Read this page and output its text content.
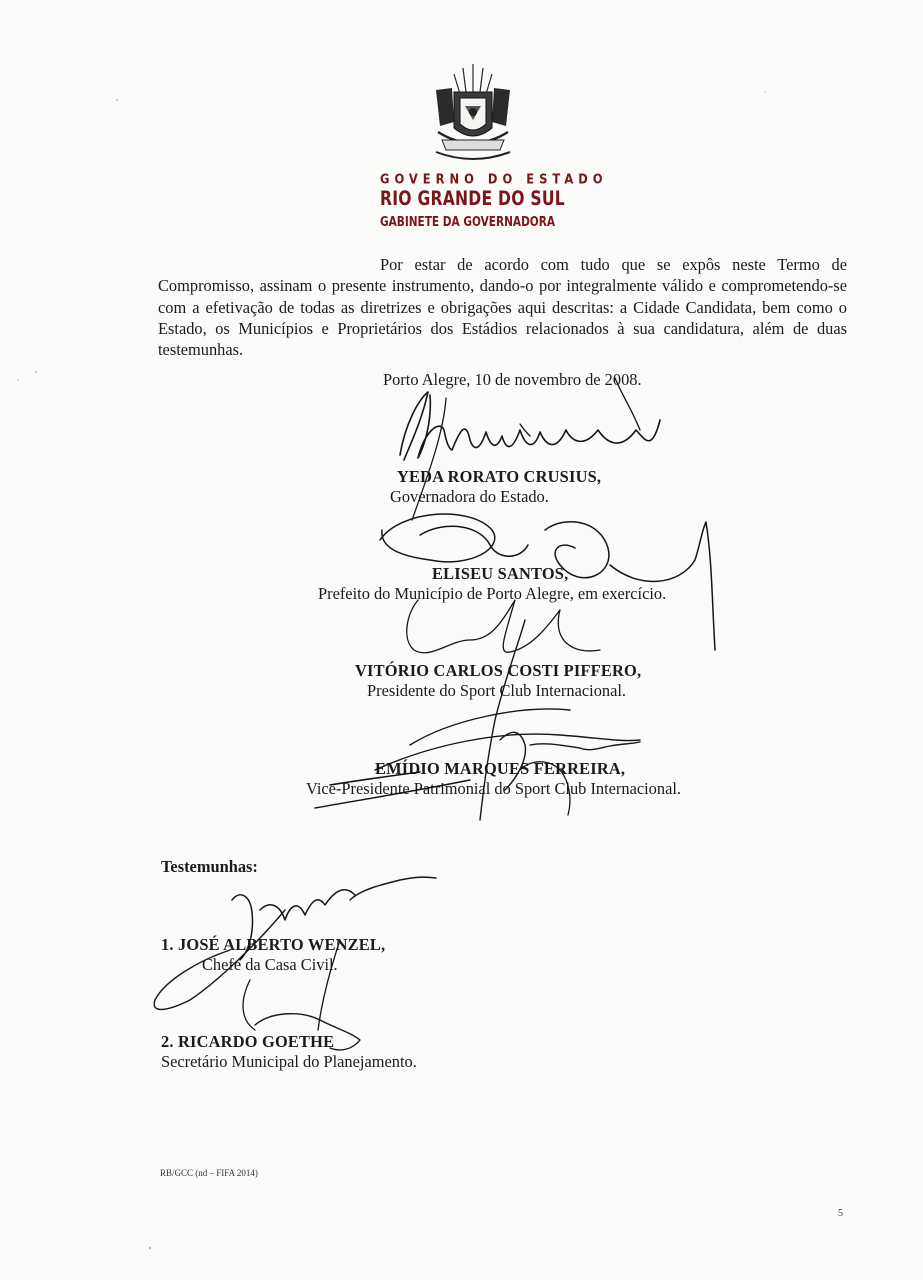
GOVERNO DO ESTADO
RIO GRANDE DO SUL
GABINETE DA GOVERNADORA
Por estar de acordo com tudo que se expôs neste Termo de Compromisso, assinam o presente instrumento, dando-o por integralmente válido e comprometendo-se com a efetivação de todas as diretrizes e obrigações aqui descritas: a Cidade Candidata, bem como o Estado, os Municípios e Proprietários dos Estádios relacionados à sua candidatura, além de duas testemunhas.
Porto Alegre, 10 de novembro de 2008.
YEDA RORATO CRUSIUS,
Governadora do Estado.
ELISEU SANTOS,
Prefeito do Município de Porto Alegre, em exercício.
VITÓRIO CARLOS COSTI PIFFERO,
Presidente do Sport Club Internacional.
EMÍDIO MARQUES FERREIRA,
Vice-Presidente Patrimonial do Sport Club Internacional.
Testemunhas:
1. JOSÉ ALBERTO WENZEL,
Chefe da Casa Civil.
2. RICARDO GOETHE
Secretário Municipal do Planejamento.
RB/GCC (nd – FIFA 2014)
5
